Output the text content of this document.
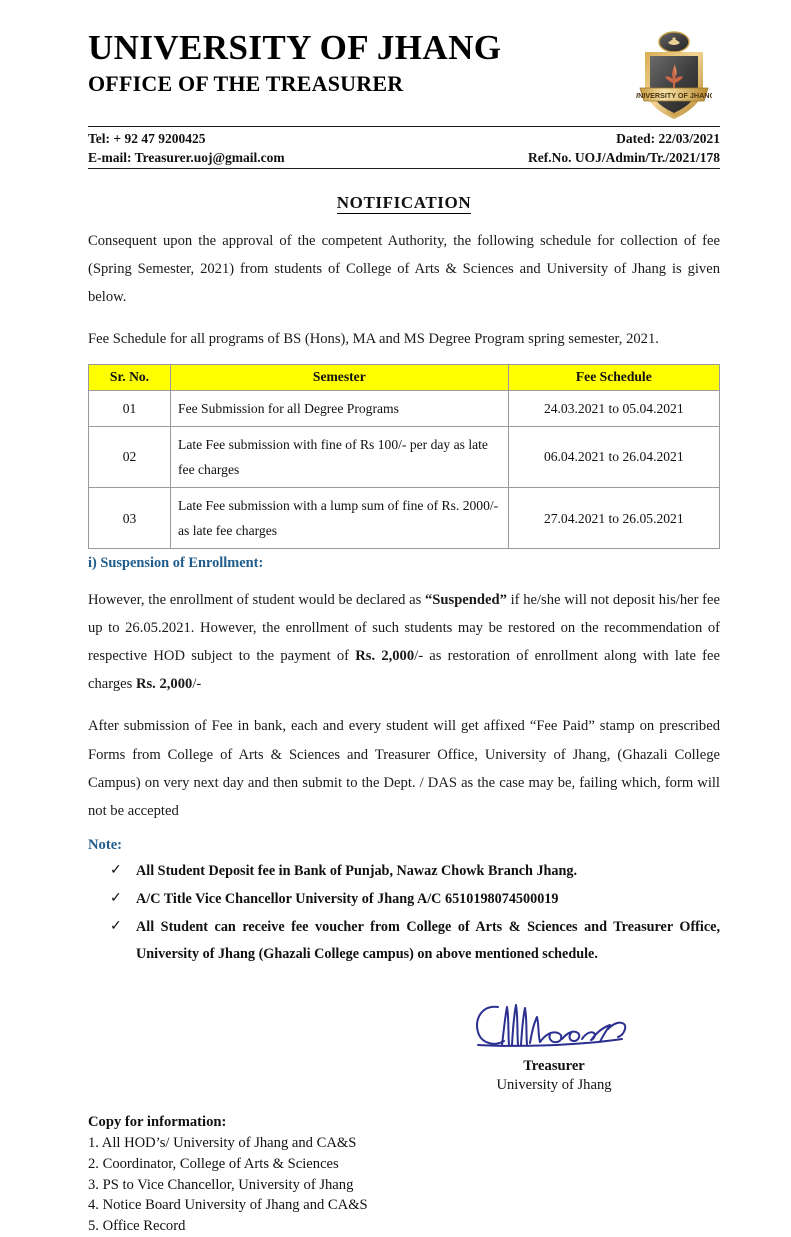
UNIVERSITY OF JHANG
OFFICE OF THE TREASURER	UNIVERSITY OF JHANG
Tel: + 92 47 9200425	Dated: 22/03/2021
E-mail: Treasurer.uoj@gmail.com	Ref.No. UOJ/Admin/Tr./2021/178
NOTIFICATION

Consequent upon the approval of the competent Authority, the following schedule for collection of fee (Spring Semester, 2021) from students of College of Arts & Sciences and University of Jhang is given below.

Fee Schedule for all programs of BS (Hons), MA and MS Degree Program spring semester, 2021.

Sr. No.	Semester	Fee Schedule
01	Fee Submission for all Degree Programs	24.03.2021 to 05.04.2021
02	Late Fee submission with fine of Rs 100/- per day as late fee charges	06.04.2021 to 26.04.2021
03	Late Fee submission with a lump sum of fine of Rs. 2000/- as late fee charges	27.04.2021 to 26.05.2021
i) Suspension of Enrollment:

However, the enrollment of student would be declared as “Suspended” if he/she will not deposit his/her fee up to 26.05.2021. However, the enrollment of such students may be restored on the recommendation of respective HOD subject to the payment of Rs. 2,000/- as restoration of enrollment along with late fee charges Rs. 2,000/-

After submission of Fee in bank, each and every student will get affixed “Fee Paid” stamp on prescribed Forms from College of Arts & Sciences and Treasurer Office, University of Jhang, (Ghazali College Campus) on very next day and then submit to the Dept. / DAS as the case may be, failing which, form will not be accepted

Note:
✓ All Student Deposit fee in Bank of Punjab, Nawaz Chowk Branch Jhang.
✓ A/C Title Vice Chancellor University of Jhang A/C 6510198074500019
✓ All Student can receive fee voucher from College of Arts & Sciences and Treasurer Office, University of Jhang (Ghazali College campus) on above mentioned schedule.
Treasurer
University of Jhang
Copy for information:
1. All HOD’s/ University of Jhang and CA&S
2. Coordinator, College of Arts & Sciences
3. PS to Vice Chancellor, University of Jhang
4. Notice Board University of Jhang and CA&S
5. Office Record
